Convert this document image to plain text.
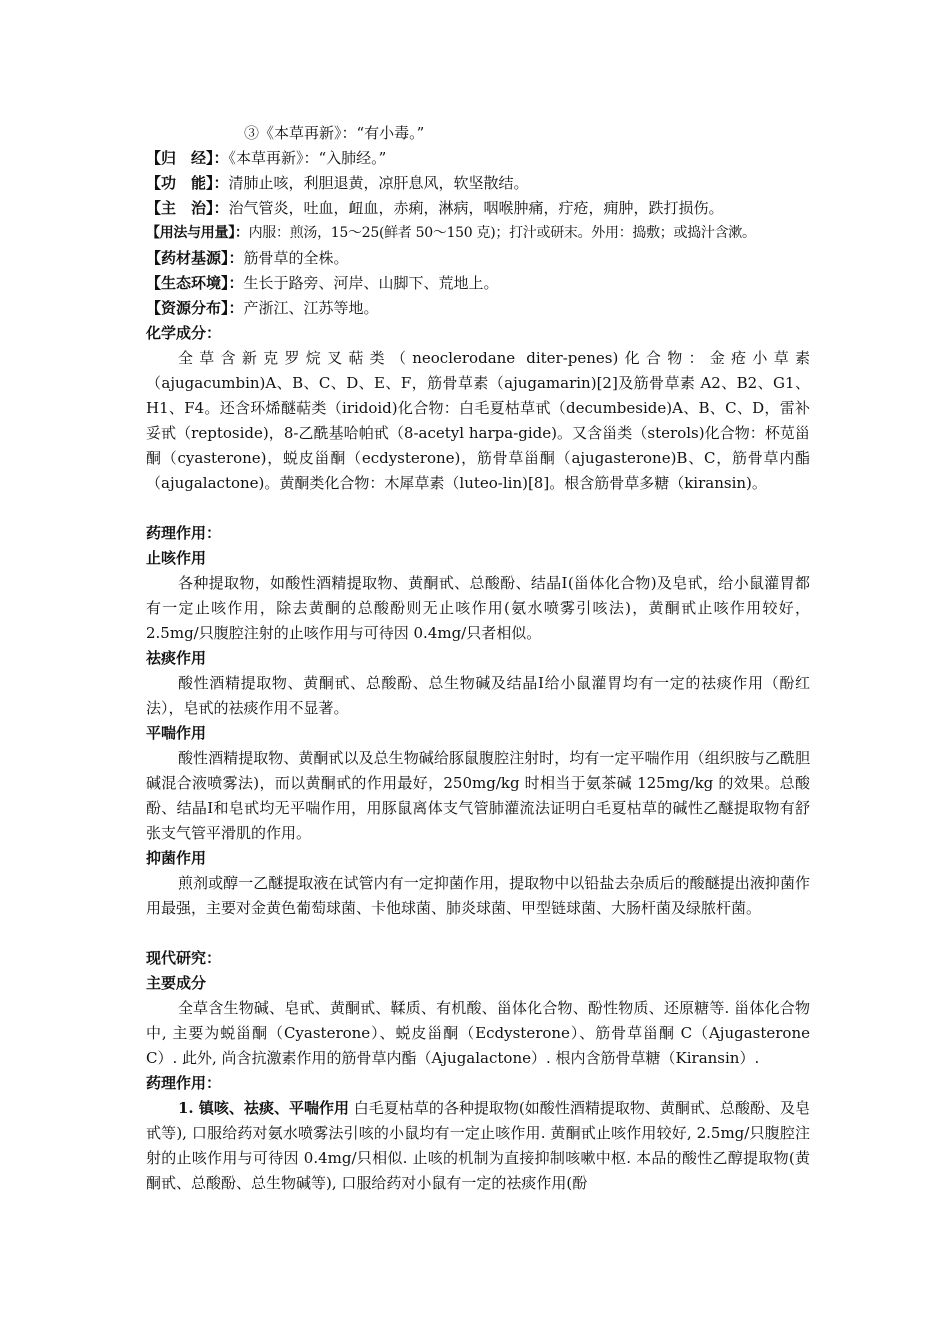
③《本草再新》：“有小毒。”
【归　经】：《本草再新》：“入肺经。”
【功　能】：清肺止咳，利胆退黄，凉肝息风，软坚散结。
【主　治】：治气管炎，吐血，衄血，赤痢，淋病，咽喉肿痛，疔疮，痈肿，跌打损伤。
【用法与用量】：内服：煎汤，15～25(鲜者 50～150 克)；打汁或研末。外用：捣敷；或捣汁含漱。
【药材基源】：筋骨草的全株。
【生态环境】：生长于路旁、河岸、山脚下、荒地上。
【资源分布】：产浙江、江苏等地。
化学成分：
全草含新克罗烷叉萜类（neoclerodane diter-penes)化合物：金疮小草素（ajugacumbin)A、B、C、D、E、F，筋骨草素（ajugamarin)[2]及筋骨草素 A2、B2、G1、H1、F4。还含环烯醚萜类（iridoid)化合物：白毛夏枯草甙（decumbeside)A、B、C、D，雷补妥甙（reptoside)，8-乙酰基哈帕甙（8-acetyl harpa-gide)。又含甾类（sterols)化合物：杯苋甾酮（cyasterone)，蜕皮甾酮（ecdysterone)，筋骨草甾酮（ajugasterone)B、C，筋骨草内酯（ajugalactone)。黄酮类化合物：木犀草素（luteo-lin)[8]。根含筋骨草多糖（kiransin)。
药理作用：
止咳作用
各种提取物，如酸性酒精提取物、黄酮甙、总酸酚、结晶Ⅰ(甾体化合物)及皂甙，给小鼠灌胃都有一定止咳作用，除去黄酮的总酸酚则无止咳作用(氨水喷雾引咳法)，黄酮甙止咳作用较好，2.5mg/只腹腔注射的止咳作用与可待因 0.4mg/只者相似。
祛痰作用
酸性酒精提取物、黄酮甙、总酸酚、总生物碱及结晶Ⅰ给小鼠灌胃均有一定的祛痰作用（酚红法），皂甙的祛痰作用不显著。
平喘作用
酸性酒精提取物、黄酮甙以及总生物碱给豚鼠腹腔注射时，均有一定平喘作用（组织胺与乙酰胆碱混合液喷雾法)，而以黄酮甙的作用最好，250mg/kg 时相当于氨茶碱 125mg/kg 的效果。总酸酚、结晶Ⅰ和皂甙均无平喘作用，用豚鼠离体支气管肺灌流法证明白毛夏枯草的碱性乙醚提取物有舒张支气管平滑肌的作用。
抑菌作用
煎剂或醇一乙醚提取液在试管内有一定抑菌作用，提取物中以铅盐去杂质后的酸醚提出液抑菌作用最强，主要对金黄色葡萄球菌、卡他球菌、肺炎球菌、甲型链球菌、大肠杆菌及绿脓杆菌。
现代研究：
主要成分
全草含生物碱、皂甙、黄酮甙、鞣质、有机酸、甾体化合物、酚性物质、还原糖等. 甾体化合物中, 主要为蜕甾酮（Cyasterone）、蜕皮甾酮（Ecdysterone）、筋骨草甾酮 C（Ajugasterone C）. 此外, 尚含抗激素作用的筋骨草内酯（Ajugalactone）. 根内含筋骨草糖（Kiransin）.
药理作用：
1. 镇咳、祛痰、平喘作用 白毛夏枯草的各种提取物(如酸性酒精提取物、黄酮甙、总酸酚、及皂甙等), 口服给药对氨水喷雾法引咳的小鼠均有一定止咳作用. 黄酮甙止咳作用较好, 2.5mg/只腹腔注射的止咳作用与可待因 0.4mg/只相似. 止咳的机制为直接抑制咳嗽中枢. 本品的酸性乙醇提取物(黄酮甙、总酸酚、总生物碱等), 口服给药对小鼠有一定的祛痰作用(酚
